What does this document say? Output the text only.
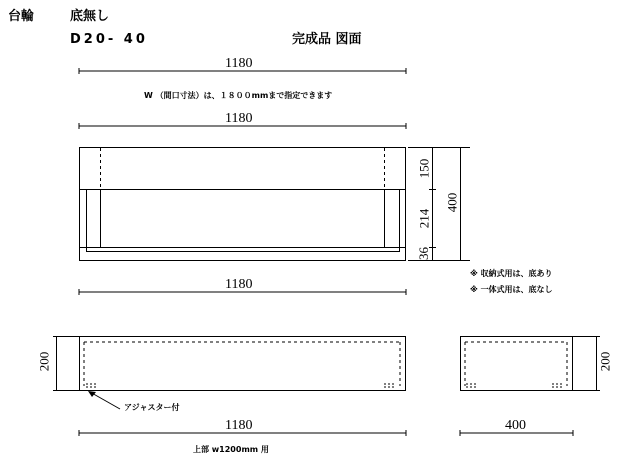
台輪	底無し
D20- 40	完成品 図面
1180
W （間口寸法）は、１８００mmまで指定できます
1180
150
214
36
400
※ 収納式用は、底あり
※ 一体式用は、底なし
1180
200	200
アジャスター付
1180	400
上部 w1200mm 用
